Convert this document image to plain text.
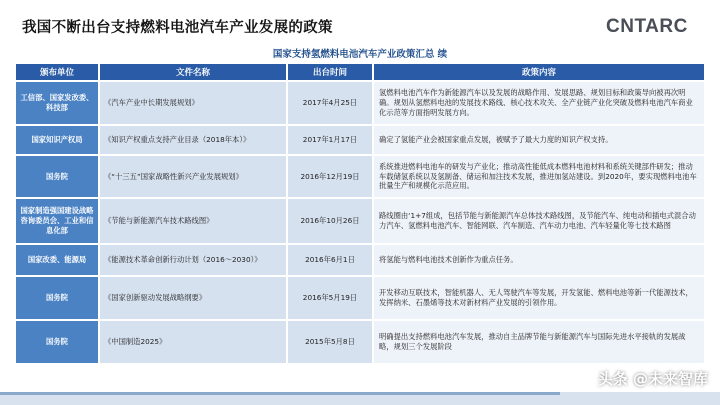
我国不断出台支持燃料电池汽车产业发展的政策	CNTARC
国家支持氢燃料电池汽车产业政策汇总 续
颁布单位	文件名称	出台时间	政策内容
工信部、国家发改委、科技部	《汽车产业中长期发展规划》	2017年4月25日	氢燃料电池汽车作为新能源汽车以及发展的战略作用、发展思路、规划目标和政策导向被再次明确。规划从氢燃料电池的发展技术路线、核心技术攻关、全产业链产业化突破及燃料电池汽车商业化示范等方面指明发展方向。
国家知识产权局	《知识产权重点支持产业目录（2018年本）》	2017年1月17日	确定了氢能产业会被国家重点发展，被赋予了最大力度的知识产权支持。
国务院	《“十三五”国家战略性新兴产业发展规划》	2016年12月19日	系统推进燃料电池车的研发与产业化；推动高性能低成本燃料电池材料和系统关键部件研发；推动车载储氢系统以及氢制备、储运和加注技术发展，推进加氢站建设。到2020年，要实现燃料电池车批量生产和规模化示范应用。
国家制造强国建设战略咨询委员会、工业和信息化部	《节能与新能源汽车技术路线图》	2016年10月26日	路线圈由‘1+7组成，包括节能与新能源汽车总体技术路线图，及节能汽车、纯电动和插电式混合动力汽车、氢燃料电池汽车、智能网联、汽车制造、汽车动力电池、汽车轻量化等七技术路图
国家改委、能源局	《能源技术革命创新行动计划（2016～2030）》	2016年6月1日	将氢能与燃料电池技术创新作为重点任务。
国务院	《国家创新驱动发展战略纲要》	2016年5月19日	开发移动互联技术，智能机器人、无人驾驶汽车等发展，开发氢能、燃料电池等新一代能源技术，发挥纳米、石墨烯等技术对新材料产业发展的引领作用。
国务院	《中国制造2025》	2015年5月8日	明确提出支持燃料电池汽车发展，推动自主品牌节能与新能源汽车与国际先进水平接轨的发展战略，规划三个发展阶段
头条 @未来智库
